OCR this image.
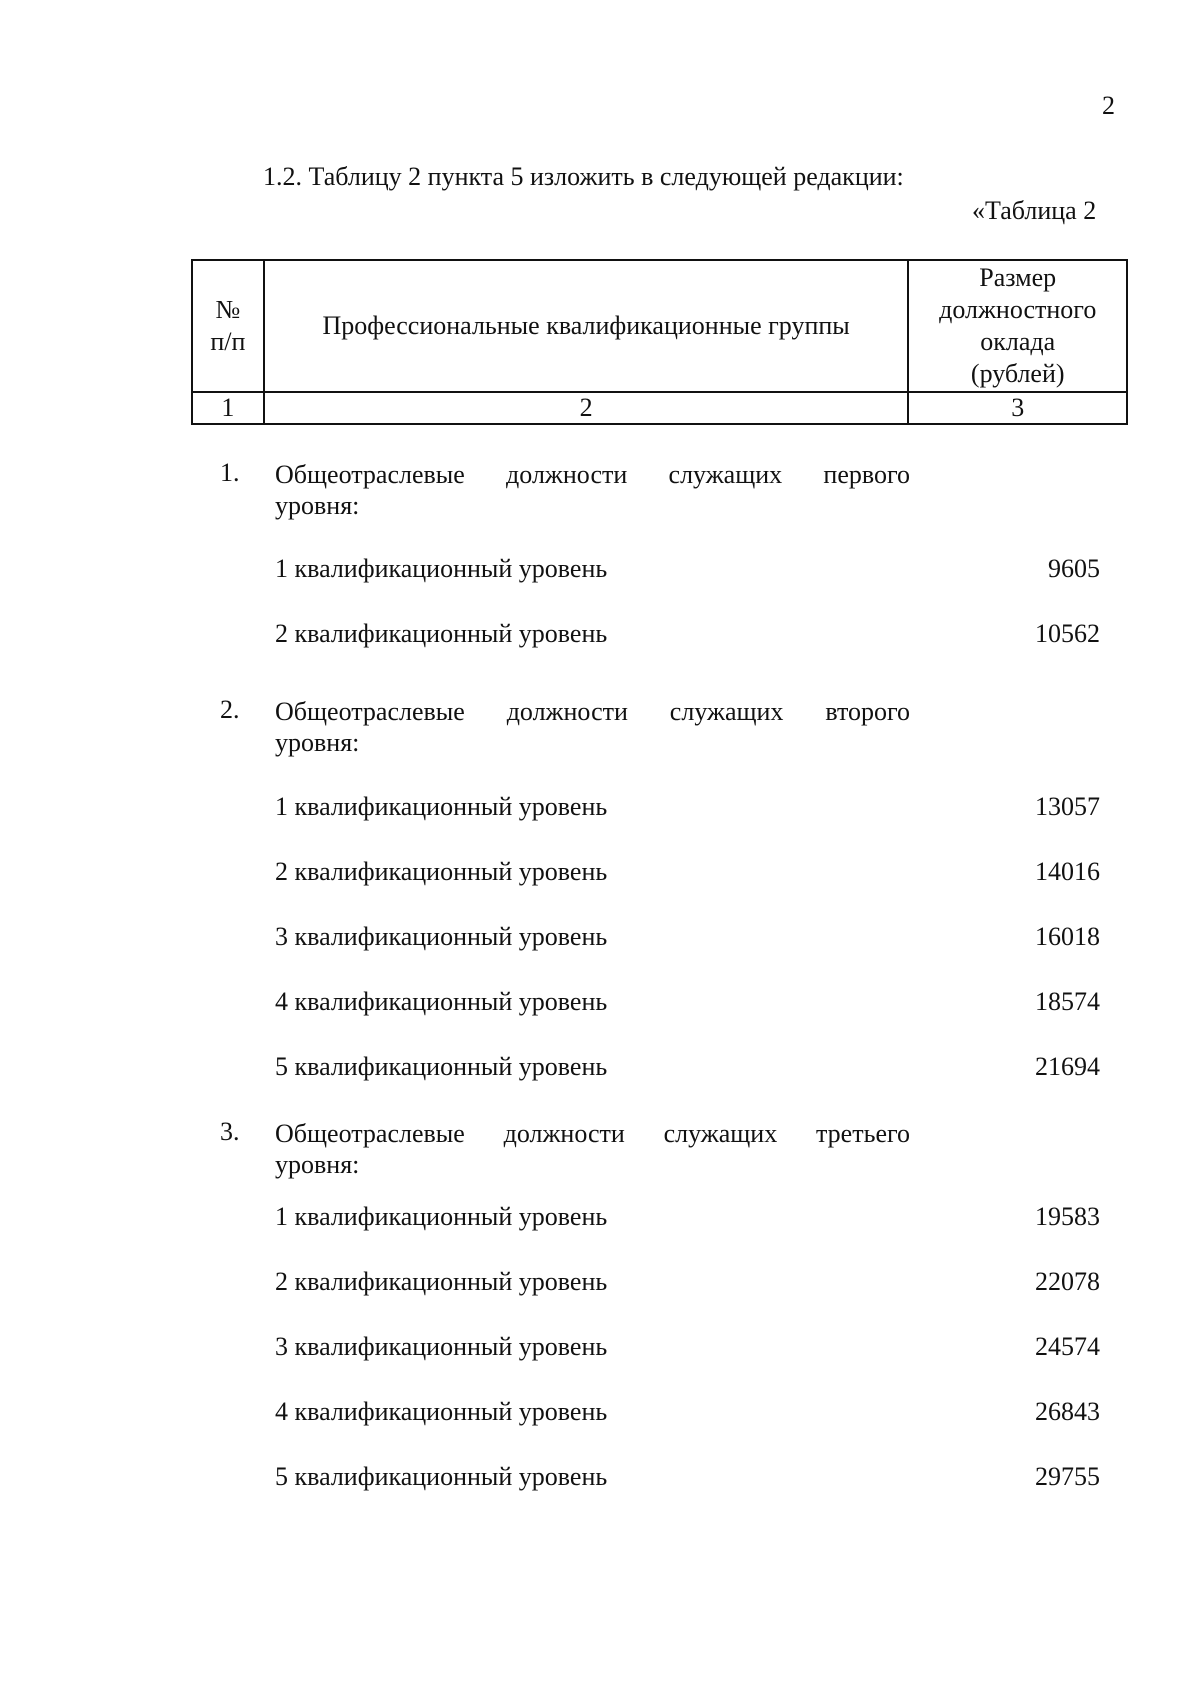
2
1.2. Таблицу 2 пункта 5 изложить в следующей редакции:
«Таблица 2
№ п/п	Профессиональные квалификационные группы	Размер
должностного
оклада
(рублей)

1	2	3
1. Общеотраслевые должности служащих первого
уровня:
1 квалификационный уровень	9605
2 квалификационный уровень	10562
2. Общеотраслевые должности служащих второго
уровня:
1 квалификационный уровень	13057
2 квалификационный уровень	14016
3 квалификационный уровень	16018
4 квалификационный уровень	18574
5 квалификационный уровень	21694
3. Общеотраслевые должности служащих третьего
уровня:
1 квалификационный уровень	19583
2 квалификационный уровень	22078
3 квалификационный уровень	24574
4 квалификационный уровень	26843
5 квалификационный уровень	29755
